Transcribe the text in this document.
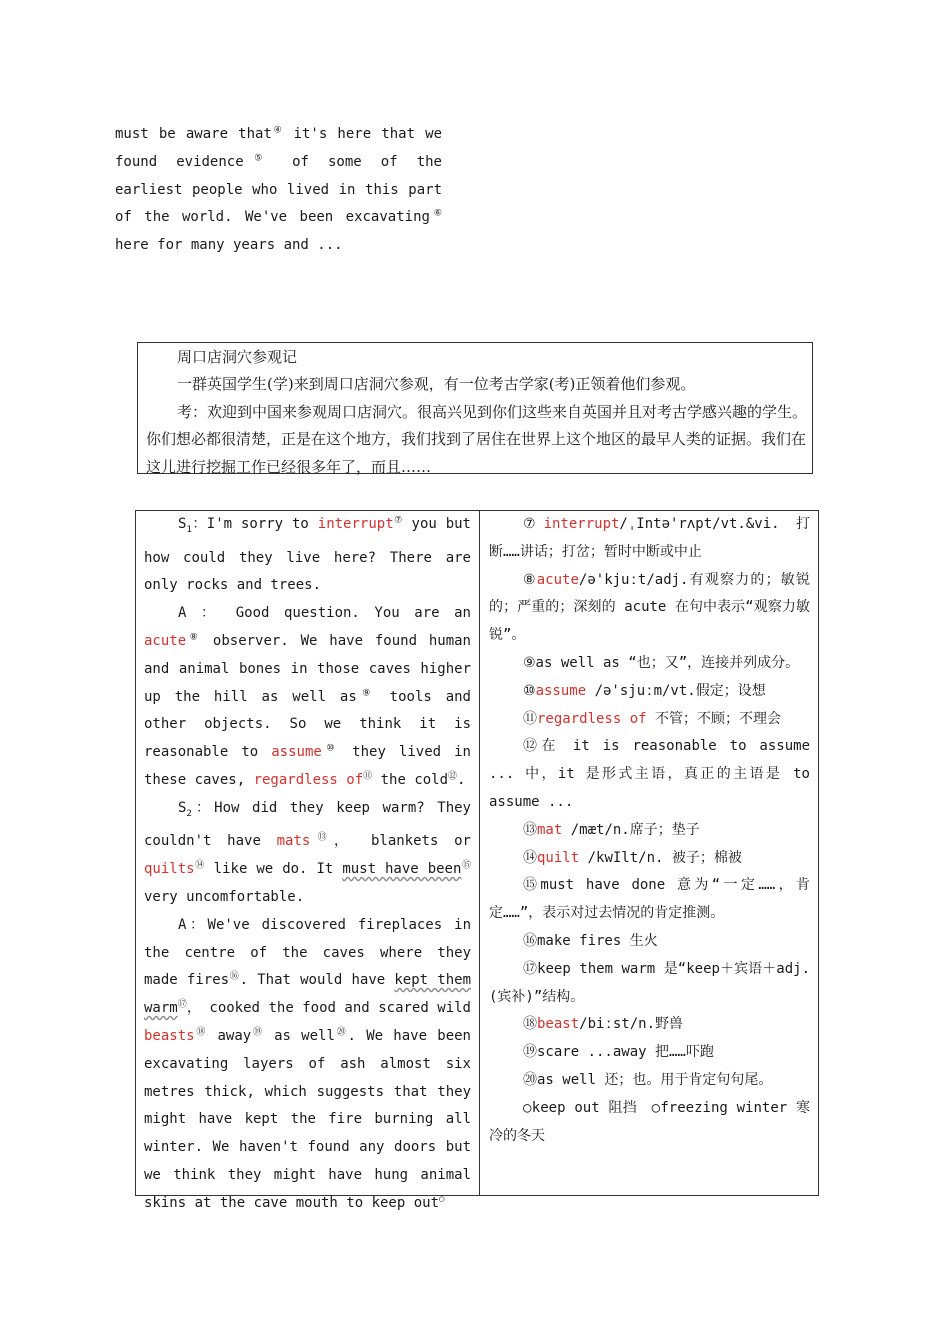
must be aware that④ it's here that we found evidence⑤ of some of the earliest people who lived in this part of the world. We've been excavating⑥ here for many years and ...

周口店洞穴参观记

一群英国学生(学)来到周口店洞穴参观，有一位考古学家(考)正领着他们参观。

考：欢迎到中国来参观周口店洞穴。很高兴见到你们这些来自英国并且对考古学感兴趣的学生。你们想必都很清楚，正是在这个地方，我们找到了居住在世界上这个地区的最早人类的证据。我们在这儿进行挖掘工作已经很多年了，而且……

$S_1$：I'm sorry to interrupt⑦ you but how could they live here? There are only rocks and trees.

A ： Good question. You are an acute⑧ observer. We have found human and animal bones in those caves higher up the hill as well as⑨ tools and other objects. So we think it is reasonable to assume⑩ they lived in these caves, regardless of⑪ the cold⑫.

$S_2$：How did they keep warm? They couldn't have mats⑬， blankets or quilts⑭ like we do. It must have been⑮ very uncomfortable.

A：We've discovered fireplaces in the centre of the caves where they made fires⑯. That would have kept them warm⑰， cooked the food and scared wild beasts⑱ away⑲ as well⑳. We have been excavating layers of ash almost six metres thick, which suggests that they might have kept the fire burning all winter. We haven't found any doors but we think they might have hung animal skins at the cave mouth to keep out○

⑦interrupt/ˌIntə'rʌpt/vt.&vi. 打断……讲话；打岔；暂时中断或中止

⑧acute/ə'kjuːt/adj.有观察力的；敏锐的；严重的；深刻的 acute 在句中表示“观察力敏锐”。

⑨as well as “也；又”，连接并列成分。

⑩assume /ə'sjuːm/vt.假定；设想

⑪regardless of 不管；不顾；不理会

⑫在 it is reasonable to assume ... 中，it 是形式主语，真正的主语是 to assume ...

⑬mat /mæt/n.席子；垫子

⑭quilt /kwIlt/n. 被子；棉被

⑮must have done 意为“一定……，肯定……”，表示对过去情况的肯定推测。

⑯make fires 生火

⑰keep them warm 是“keep＋宾语＋adj.(宾补)”结构。

⑱beast/biːst/n.野兽

⑲scare ...away 把……吓跑

⑳as well 还；也。用于肯定句句尾。

○keep out 阻挡　○freezing winter 寒冷的冬天
